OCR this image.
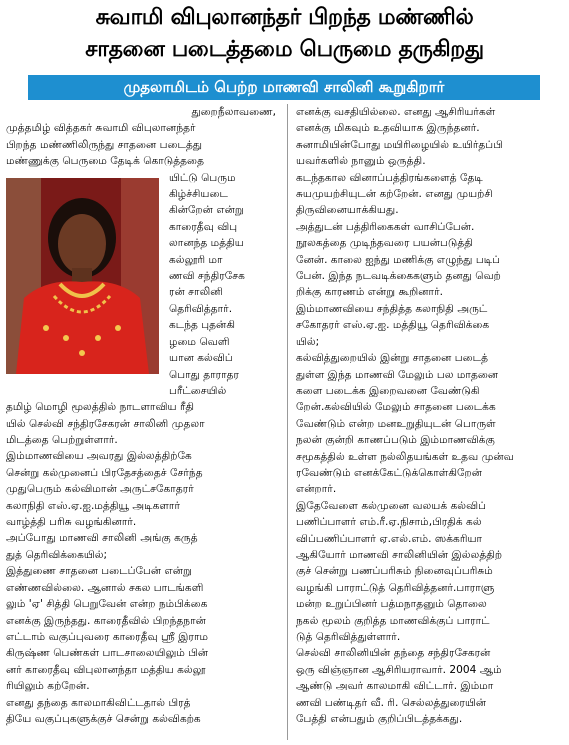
சுவாமி விபுலானந்தர் பிறந்த மண்ணில்
சாதனை படைத்தமை பெருமை தருகிறது
முதலாமிடம் பெற்ற மாணவி சாலினி கூறுகிறார்

துறைநீலாவணை,

முத்தமிழ் வித்தகர் சுவாமி விபுலானந்தர்

பிறந்த மண்ணிலிருந்து சாதனை படைத்து

மண்ணுக்கு பெருமை தேடிக் கொடுத்ததை

யிட்டு பெரும

கிழ்ச்சியடை

கின்றேன் என்று

காரைதீவு விபு

லானந்த மத்திய

கல்லூரி மா

ணவி சந்திரசேக

ரன் சாலினி

தெரிவித்தார்.

கடந்த புதன்கி

ழமை வெளி

யான கல்விப்

பொது தாராதர

பரீட்சையில்

தமிழ் மொழி மூலத்தில் நாடளாவிய ரீதி

யில் செல்வி சந்திரசேகரன் சாலினி முதலா

மிடத்தை பெற்றுள்ளார்.

இம்மாணவியை அவரது இல்லத்திற்கே

சென்று கல்முனைப் பிரதேசத்தைச் சேர்ந்த

முதுபெரும் கல்விமான் அருட்சகோதரர்

கலாநிதி எஸ்.ஏ.ஐ.மத்தியூ அடிகளார்

வாழ்த்தி பரிசு வழங்கினார்.

அப்போது மாணவி சாலினி அங்கு கருத்

துத் தெரிவிக்கையில்;

இத்துணை சாதனை படைப்பேன் என்று

எண்ணவில்லை. ஆனால் சகல பாடங்களி

லும் 'ஏ' சித்தி பெறுவேன் என்ற நம்பிக்கை

எனக்கு இருந்தது. காரைதீவில் பிறந்தநான்

எட்டாம் வகுப்புவரை காரைதீவு ஸ்ரீ இராம

கிருஷ்ண பெண்கள் பாடசாலையிலும் பின்

னர் காரைதீவு விபுலானந்தா மத்திய கல்லூ

ரியிலும் கற்றேன்.

எனது தந்தை காலமாகிவிட்டதால் பிரத்

தியே வகுப்புகளுக்குச் சென்று கல்விகற்க

எனக்கு வசதியில்லை. எனது ஆசிரியர்கள்

எனக்கு மிகவும் உதவியாக இருந்தனர்.

சுனாமியின்போது மயிரிழையில் உயிர்தப்பி

யவர்களில் நானும் ஒருத்தி.

கடந்தகால வினாப்பத்திரங்களைத் தேடி

சுயமுயற்சியுடன் கற்றேன். எனது முயற்சி

திருவினையாக்கியது.

அத்துடன் பத்திரிகைகள் வாசிப்பேன்.

நூலகத்தை முடிந்தவரை பயன்படுத்தி

னேன். காலை ஐந்து மணிக்கு எழுந்து படிப்

பேன். இந்த நடவடிக்கைகளும் தனது வெற்

றிக்கு காரணம் என்று கூறினார்.

இம்மாணவியை சந்தித்த கலாநிதி அருட்

சகோதரர் எஸ்.ஏ.ஐ. மத்தியூ தெரிவிக்கை

யில்;

கல்வித்துறையில் இன்று சாதனை படைத்

துள்ள இந்த மாணவி மேலும் பல மாதனை

களை படைக்க இறைவனை வேண்டுகி

றேன்.கல்வியில் மேலும் சாதனை படைக்க

வேண்டும் என்ற மனஉறுதியுடன் பொருள்

நலன் குன்றி காணப்படும் இம்மாணவிக்கு

சமூகத்தில் உள்ள நல்லிதயங்கள் உதவ முன்வ

ரவேண்டும் எனக்கேட்டுக்கொள்கிறேன்

என்றார்.

இதேவேளை கல்முனை வலயக் கல்விப்

பணிப்பாளர் எம்.ரீ.ஏ.நிசாம்,பிரதிக் கல்

விப்பணிப்பாளர் ஏ.எல்.எம். ஸக்கரியா

ஆகியோர் மாணவி சாலினியின் இல்லத்திற்

குச் சென்று பணப்பரிசும் நினைவுப்பரிசும்

வழங்கி பாராட்டுத் தெரிவித்தனர்.பாராளு

மன்ற உறுப்பினர் பத்மநாதனும் தொலை

நகல் மூலம் குறித்த மாணவிக்குப் பாராட்

டுத் தெரிவித்துள்ளார்.

செல்வி சாலினியின் தந்தை சந்திரசேகரன்

ஒரு விஞ்ஞான ஆசிரியராவார். 2004 ஆம்

ஆண்டு அவர் காலமாகி விட்டார். இம்மா

ணவி பண்டிதர் வீ. ரி. செல்லத்துரையின்

பேத்தி என்பதும் குறிப்பிடத்தக்கது.
